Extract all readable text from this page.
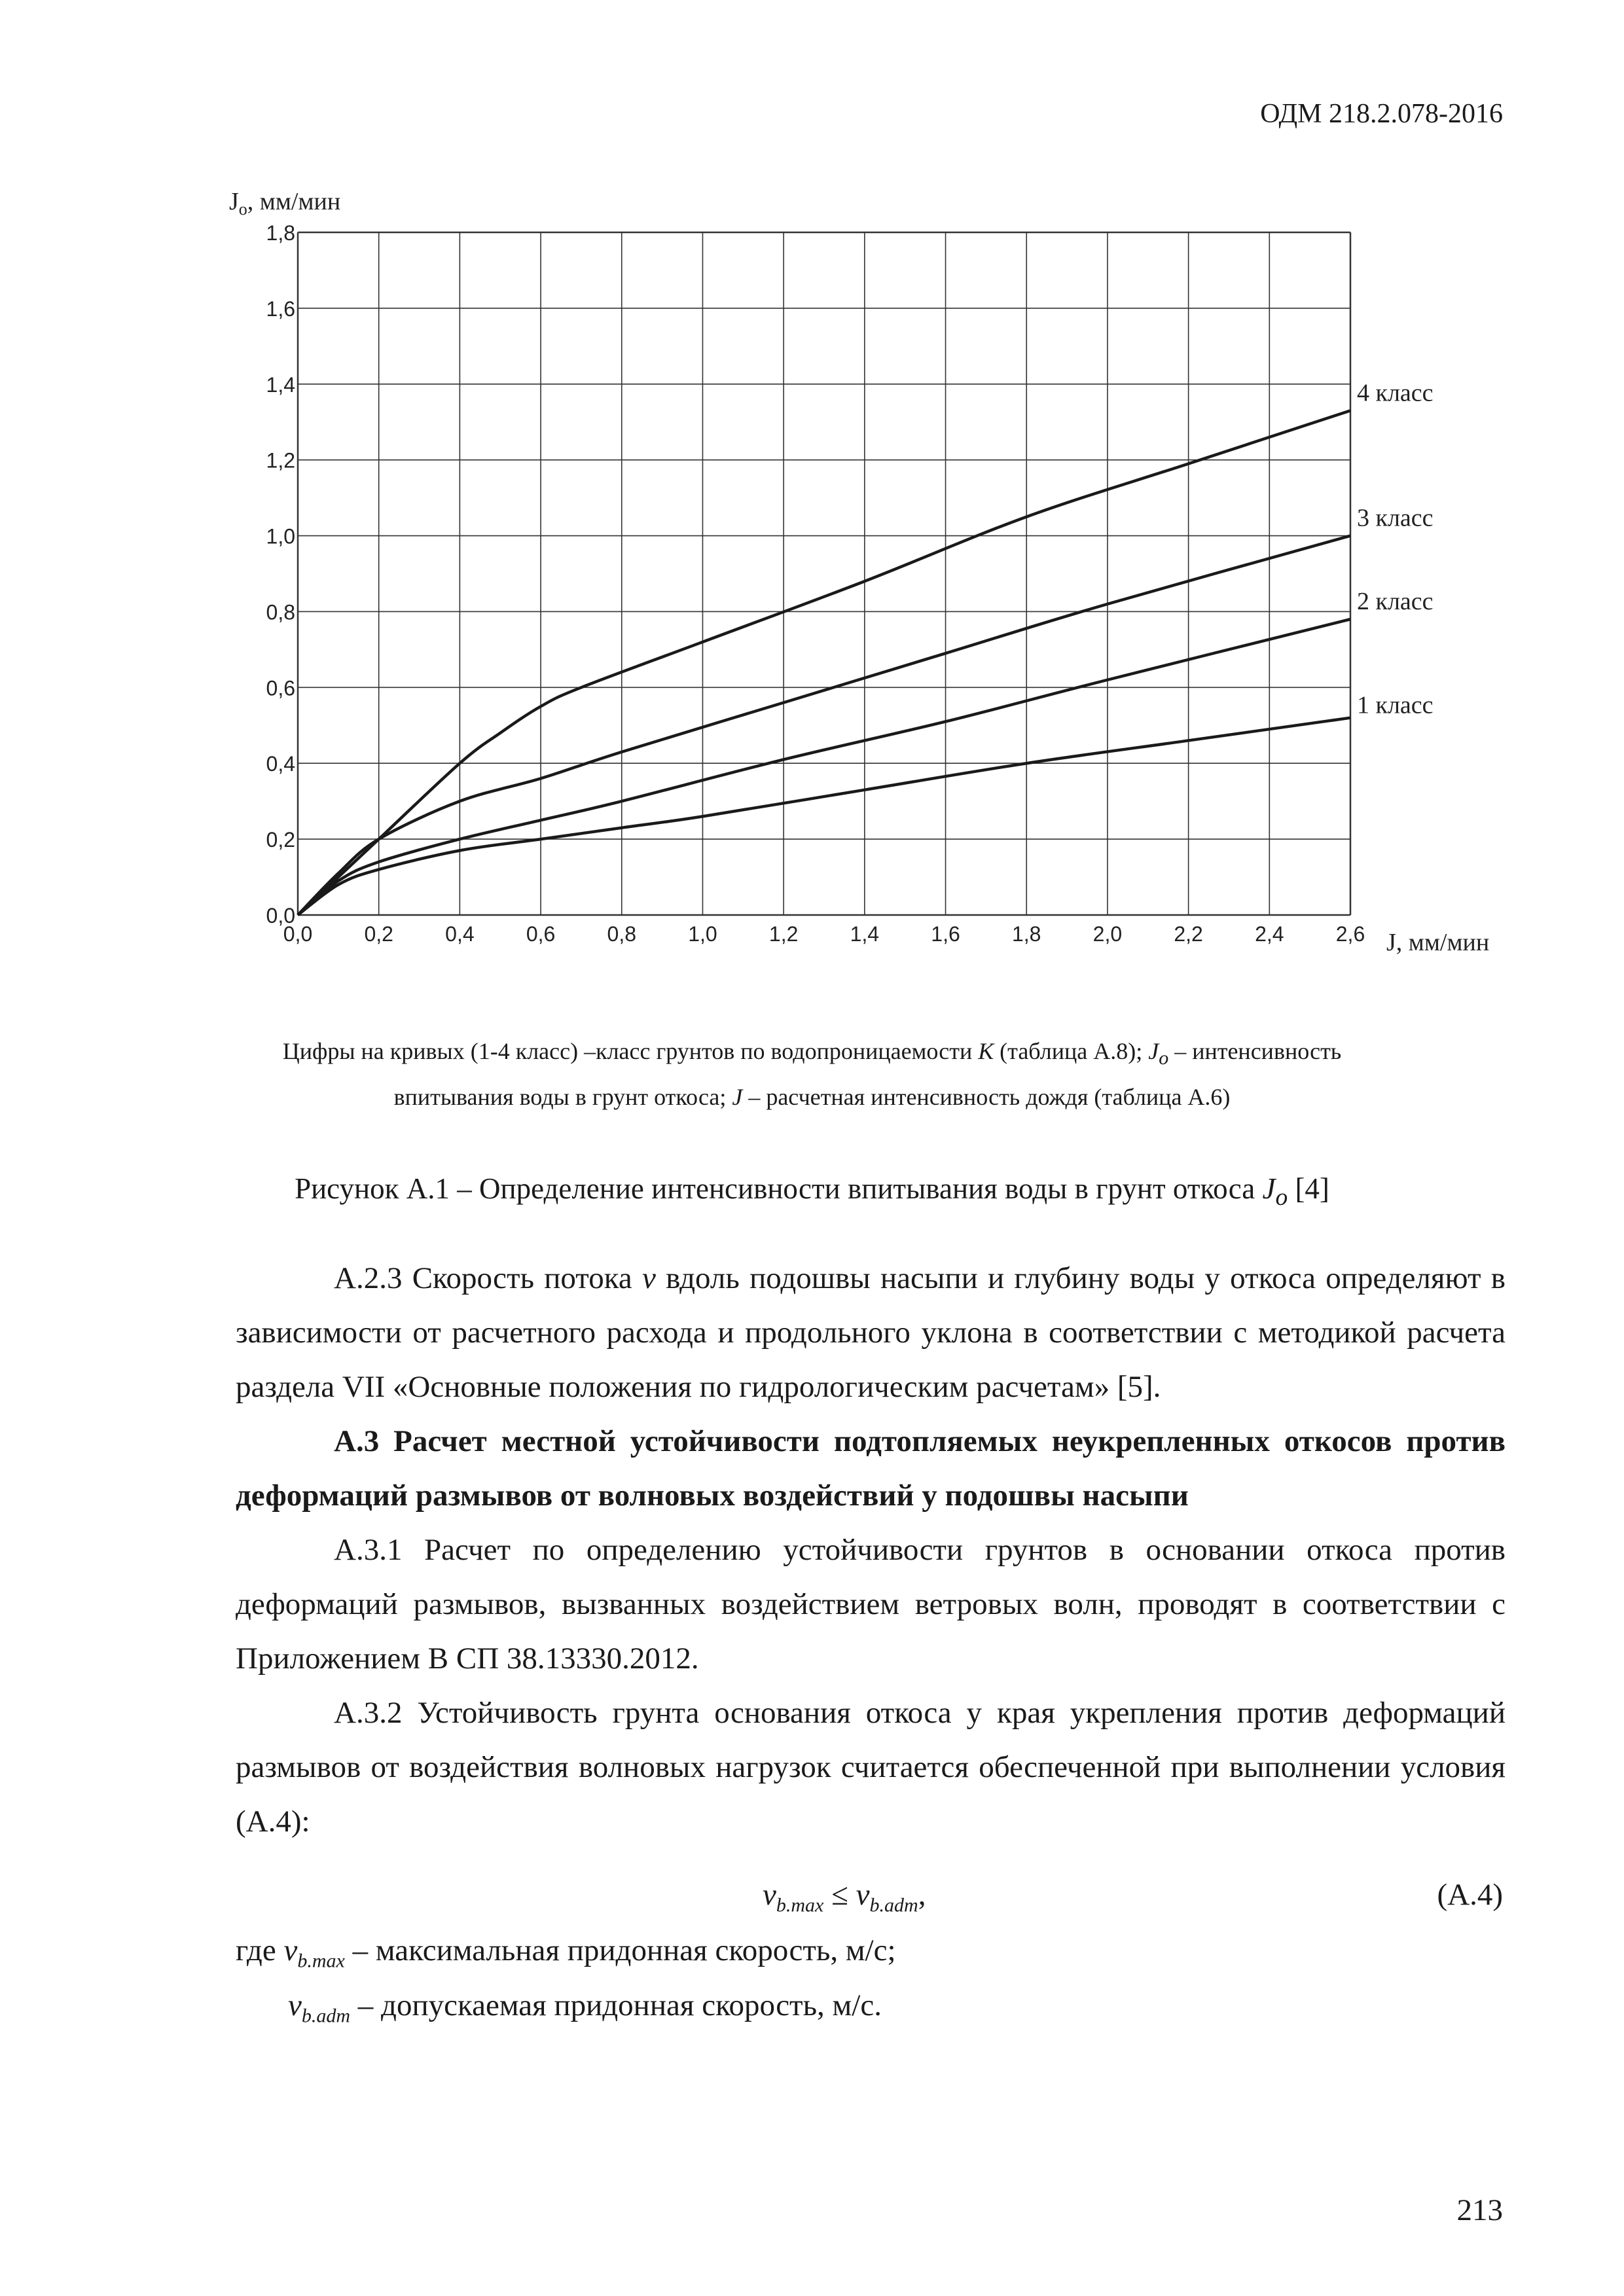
ОДМ 218.2.078-2016
0,0 0,2 0,4 0,6 0,8 1,0 1,2 1,4 1,6 1,8 2,0 2,2 2,4 2,6
0,0
0,2
0,4
0,6
0,8
1,0
1,2
1,4
1,6
1,8
1 класс
2 класс
3 класс
4 класс
$J_о$, мм/мин
J, мм/мин
Цифры на кривых (1-4 класс) –класс грунтов по водопроницаемости К (таблица А.8); $J_o$ – интенсивность
впитывания воды в грунт откоса; J – расчетная интенсивность дождя (таблица А.6)
Рисунок А.1 – Определение интенсивности впитывания воды в грунт откоса $J_o$ [4]
А.2.3 Скорость потока v вдоль подошвы насыпи и глубину воды у откоса определяют в зависимости от расчетного расхода и продольного уклона в соответствии с методикой расчета раздела VII «Основные положения по гидрологическим расчетам» [5].
А.3 Расчет местной устойчивости подтопляемых неукрепленных откосов против деформаций размывов от волновых воздействий у подошвы насыпи
А.3.1 Расчет по определению устойчивости грунтов в основании откоса против деформаций размывов, вызванных воздействием ветровых волн, проводят в соответствии с Приложением В СП 38.13330.2012.
А.3.2 Устойчивость грунта основания откоса у края укрепления против деформаций размывов от воздействия волновых нагрузок считается обеспеченной при выполнении условия (А.4):
$v_{b.max} \le v_{b.adm}$,	(А.4)
где $v_{b.max}$ – максимальная придонная скорость, м/с;
$v_{b.adm}$ – допускаемая придонная скорость, м/с.
213
